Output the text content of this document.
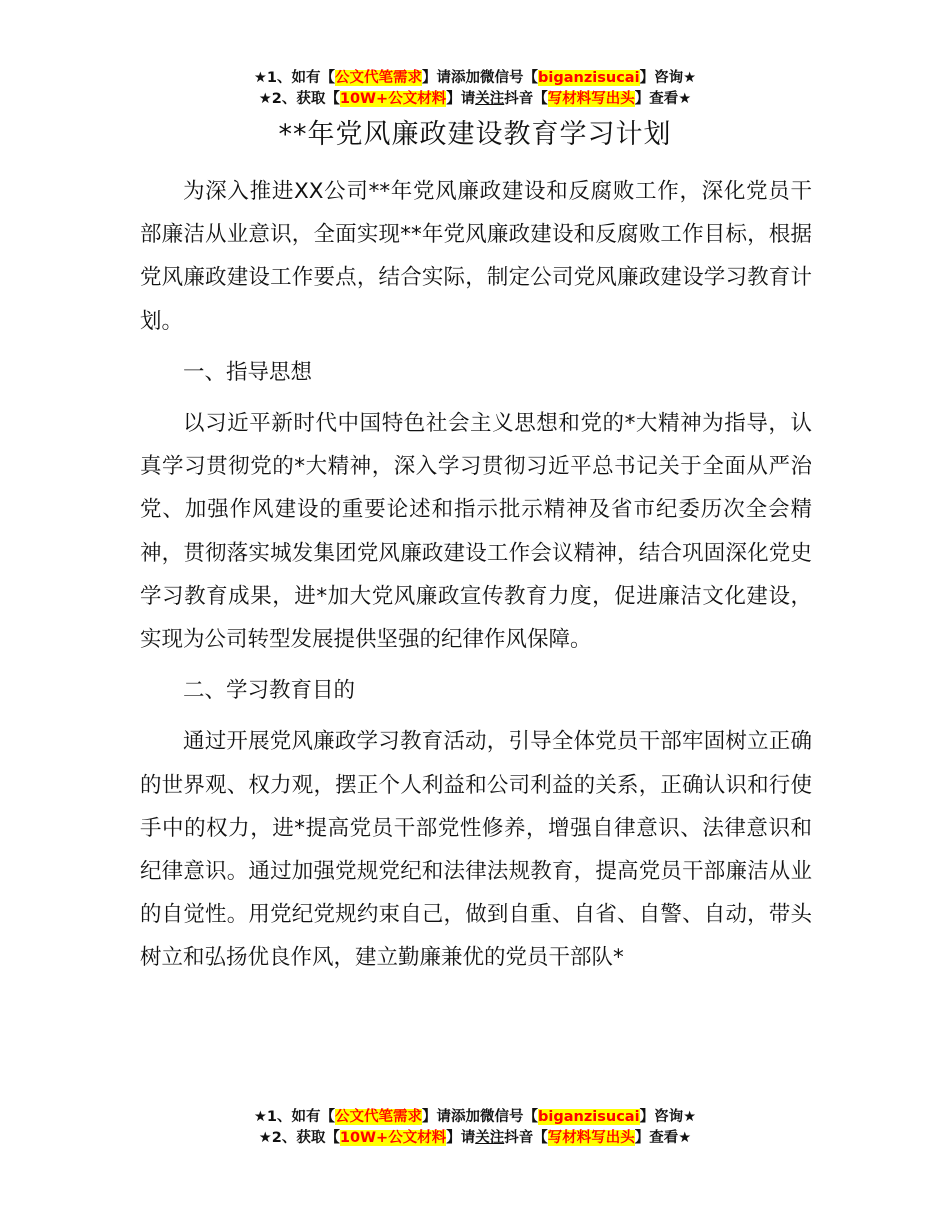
★1、如有【公文代笔需求】请添加微信号【biganzisucai】咨询★
★2、获取【10W+公文材料】请关注抖音【写材料写出头】查看★
**年党风廉政建设教育学习计划

为深入推进XX公司**年党风廉政建设和反腐败工作，深化党员干部廉洁从业意识，全面实现**年党风廉政建设和反腐败工作目标，根据党风廉政建设工作要点，结合实际，制定公司党风廉政建设学习教育计划。

一、指导思想

以习近平新时代中国特色社会主义思想和党的*大精神为指导，认真学习贯彻党的*大精神，深入学习贯彻习近平总书记关于全面从严治党、加强作风建设的重要论述和指示批示精神及省市纪委历次全会精神，贯彻落实城发集团党风廉政建设工作会议精神，结合巩固深化党史学习教育成果，进*加大党风廉政宣传教育力度，促进廉洁文化建设，实现为公司转型发展提供坚强的纪律作风保障。

二、学习教育目的

通过开展党风廉政学习教育活动，引导全体党员干部牢固树立正确的世界观、权力观，摆正个人利益和公司利益的关系，正确认识和行使手中的权力，进*提高党员干部党性修养，增强自律意识、法律意识和纪律意识。通过加强党规党纪和法律法规教育，提高党员干部廉洁从业的自觉性。用党纪党规约束自己，做到自重、自省、自警、自动，带头树立和弘扬优良作风，建立勤廉兼优的党员干部队*

★1、如有【公文代笔需求】请添加微信号【biganzisucai】咨询★
★2、获取【10W+公文材料】请关注抖音【写材料写出头】查看★
